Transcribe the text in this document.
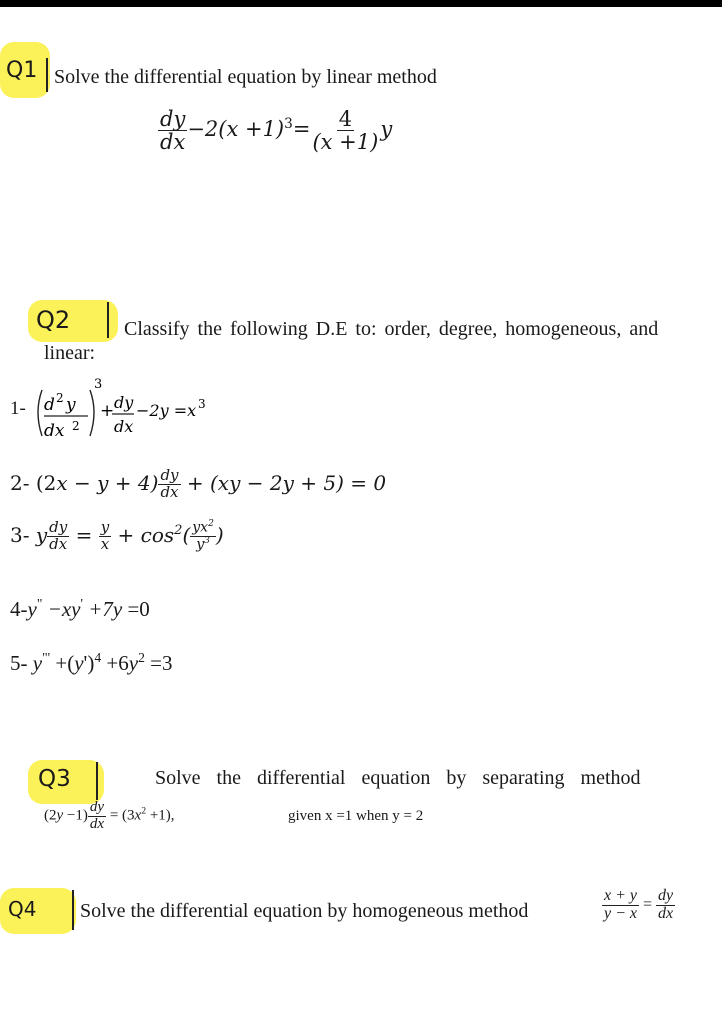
Q1 Solve the differential equation by linear method
$\frac{dy}{dx} -2(x +1)^3= \frac{4}{(x +1)}$ y
Q2	Classify the following D.E to: order, degree, homogeneous, and
linear:
1- d 2 y
dx 2
3
+ dy
dx
−2y =x 3
2- $(2x - y + 4) \frac{dy}{dx} + (xy - 2y + 5) = 0$
3- y $\frac{dy}{dx} = \frac{y}{x} + \cos^2( \frac{yx^2}{y^3}$ )
4-y" −xy' +7y =0
5- $y^{"'} +(y')^4 +6y^2 =3$
Q3	Solve the differential equation by separating method
$(2y -1) \frac{dy}{dx} = (3x^2 +1)$,	given x =1 when y = 2
Q4 Solve the differential equation by homogeneous method	$\frac{x + y}{y - x} = \frac{dy}{dx}$
